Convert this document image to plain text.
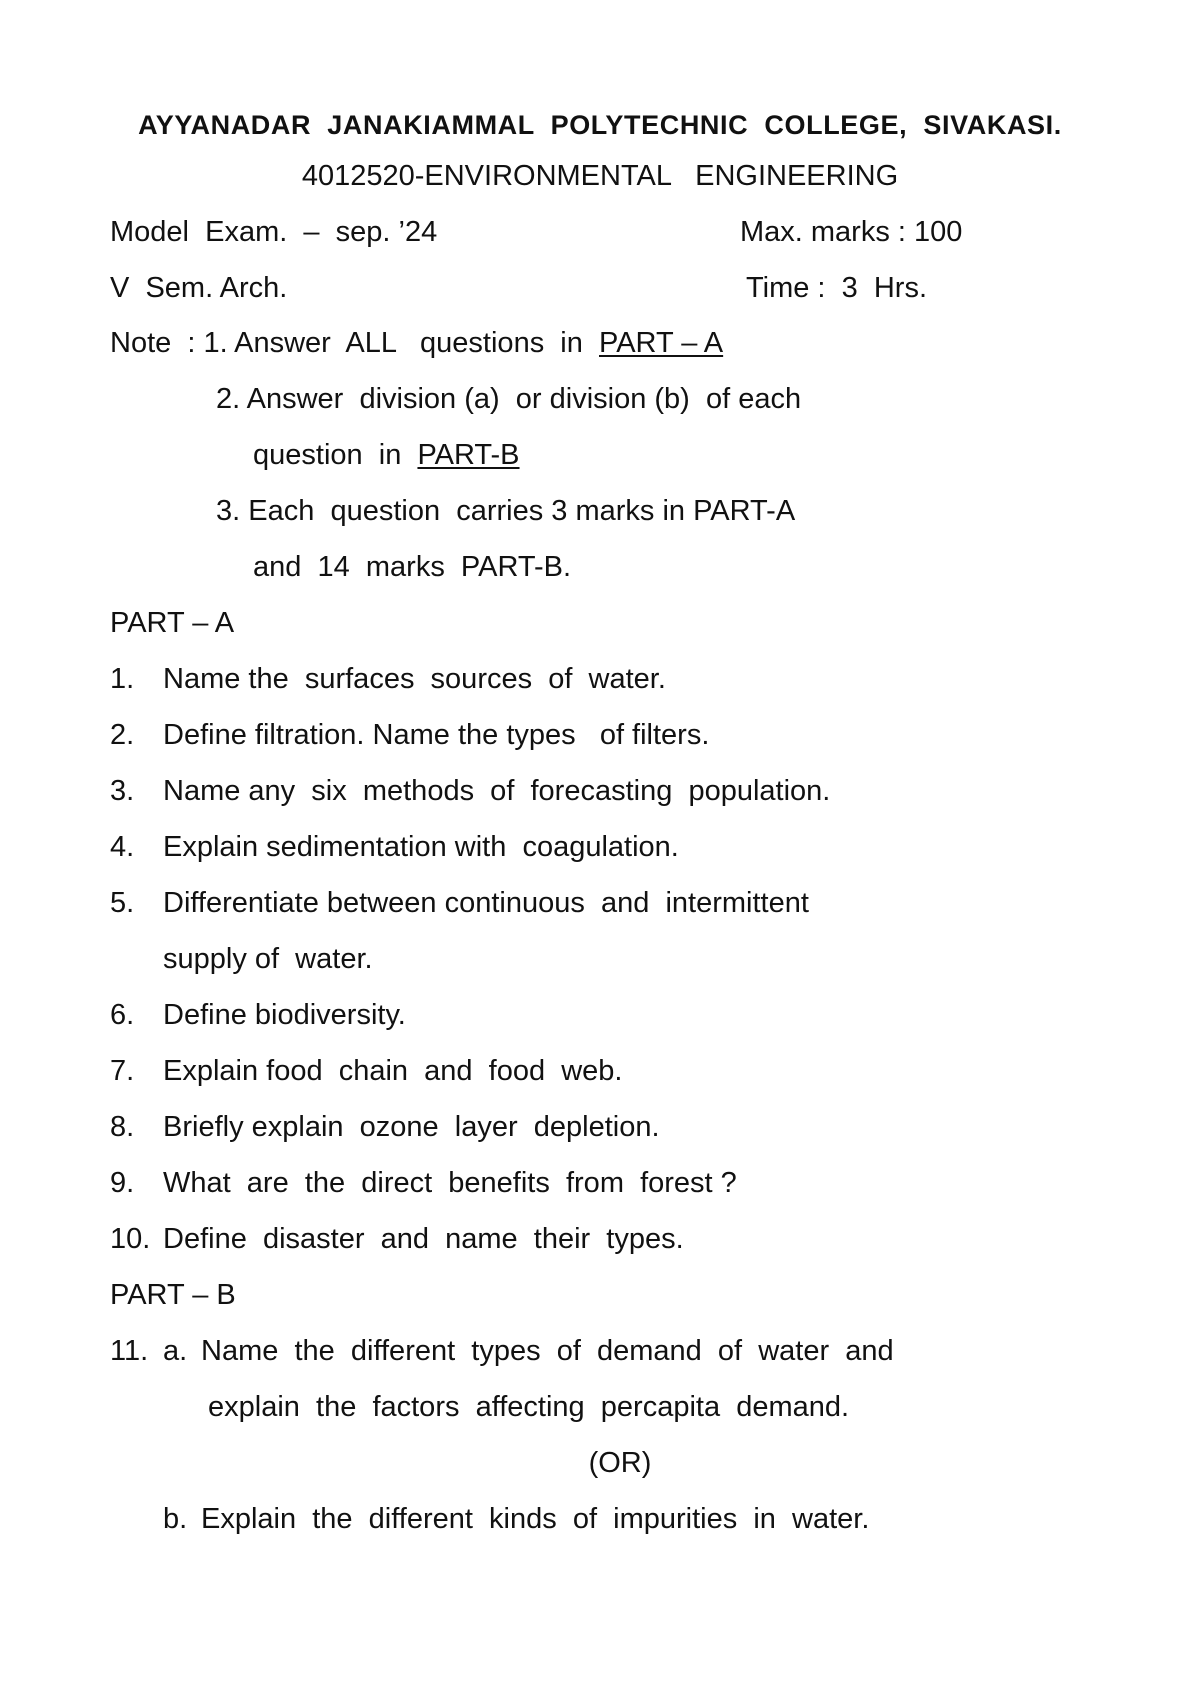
AYYANADAR  JANAKIAMMAL  POLYTECHNIC  COLLEGE,  SIVAKASI.
4012520-ENVIRONMENTAL   ENGINEERING
Model  Exam.  –  sep. ’24	Max. marks : 100
V  Sem. Arch.	Time :  3  Hrs.
Note  : 1. Answer  ALL   questions  in  PART – A
2. Answer  division (a)  or division (b)  of each
question  in  PART-B
3. Each  question  carries 3 marks in PART-A
and  14  marks  PART-B.
PART – A
1. Name the  surfaces  sources  of  water.
2. Define filtration. Name the types   of filters.
3. Name any  six  methods  of  forecasting  population.
4. Explain sedimentation with  coagulation.
5. Differentiate between continuous  and  intermittent
supply of  water.
6. Define biodiversity.
7. Explain food  chain  and  food  web.
8. Briefly explain  ozone  layer  depletion.
9. What  are  the  direct  benefits  from  forest ?
10. Define  disaster  and  name  their  types.
PART – B
11. a. Name  the  different  types  of  demand  of  water  and
explain  the  factors  affecting  percapita  demand.
(OR)
b. Explain  the  different  kinds  of  impurities  in  water.
